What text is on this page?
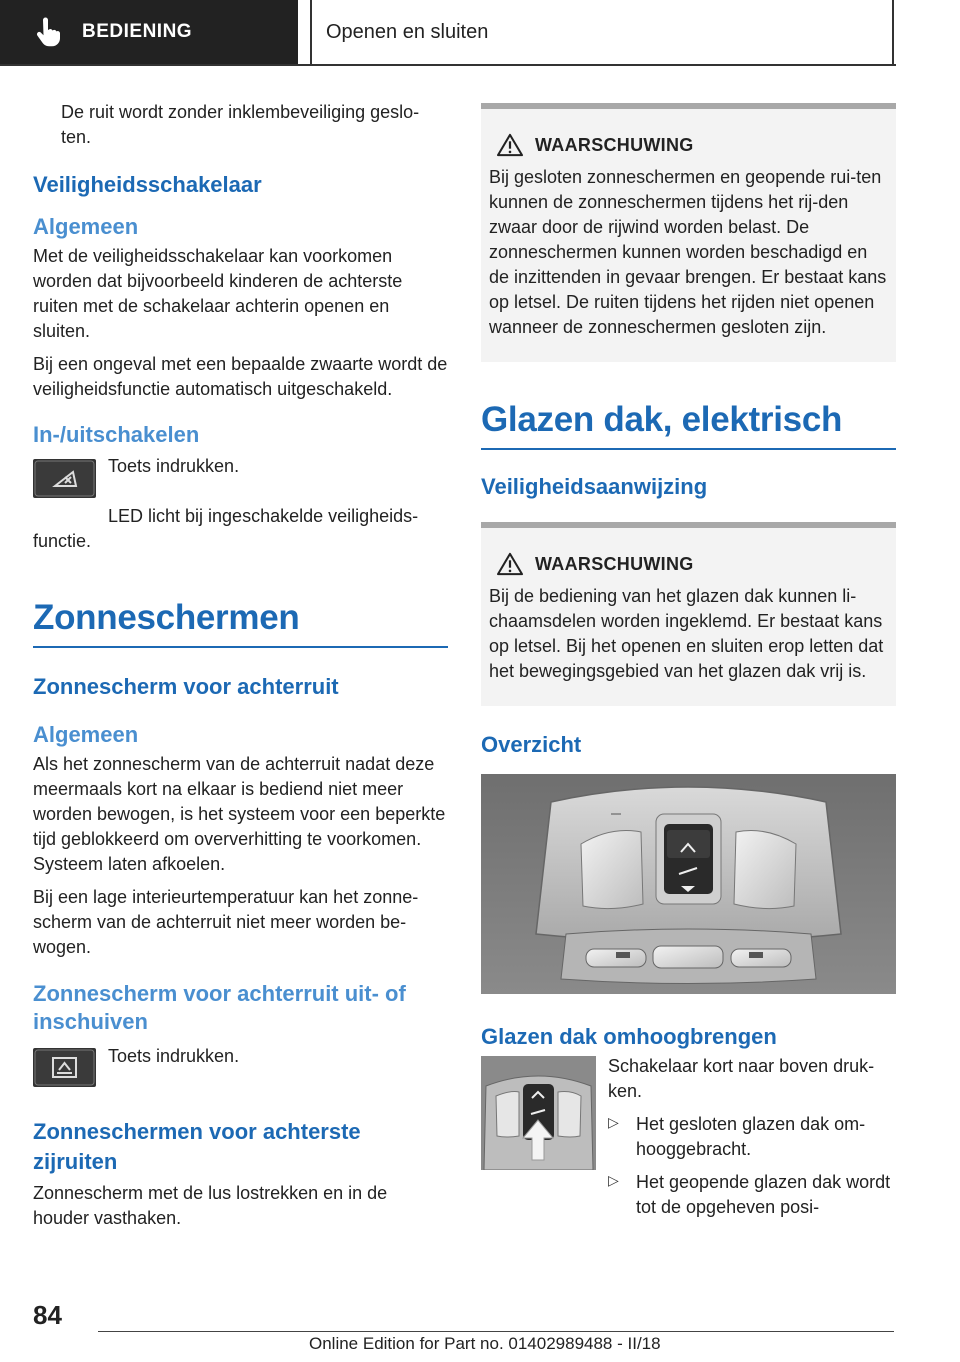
BEDIENING	Openen en sluiten

De ruit wordt zonder inklembeveiliging geslo-ten.

Veiligheidsschakelaar
Algemeen

Met de veiligheidsschakelaar kan voorkomen worden dat bijvoorbeeld kinderen de achterste ruiten met de schakelaar achterin openen en sluiten.

Bij een ongeval met een bepaalde zwaarte wordt de veiligheidsfunctie automatisch uitgeschakeld.

In-/uitschakelen

Toets indrukken.

LED licht bij ingeschakelde veiligheids-functie.

Zonneschermen
Zonnescherm voor achterruit
Algemeen

Als het zonnescherm van de achterruit nadat deze meermaals kort na elkaar is bediend niet meer worden bewogen, is het systeem voor een beperkte tijd geblokkeerd om oververhitting te voorkomen. Systeem laten afkoelen.

Bij een lage interieurtemperatuur kan het zonne-scherm van de achterruit niet meer worden be-wogen.

Zonnescherm voor achterruit uit- of inschuiven

Toets indrukken.

Zonneschermen voor achterste zijruiten

Zonnescherm met de lus lostrekken en in de houder vasthaken.

WAARSCHUWING

Bij gesloten zonneschermen en geopende rui-ten kunnen de zonneschermen tijdens het rij-den zwaar door de rijwind worden belast. De zonneschermen kunnen worden beschadigd en de inzittenden in gevaar brengen. Er bestaat kans op letsel. De ruiten tijdens het rijden niet openen wanneer de zonneschermen gesloten zijn.

Glazen dak, elektrisch
Veiligheidsaanwijzing
WAARSCHUWING

Bij de bediening van het glazen dak kunnen li-chaamsdelen worden ingeklemd. Er bestaat kans op letsel. Bij het openen en sluiten erop letten dat het bewegingsgebied van het glazen dak vrij is.

Overzicht
Glazen dak omhoogbrengen

Schakelaar kort naar boven druk-ken.

▷ Het gesloten glazen dak om-hooggebracht.

▷ Het geopende glazen dak wordt tot de opgeheven posi-

84
Online Edition for Part no. 01402989488 - II/18
